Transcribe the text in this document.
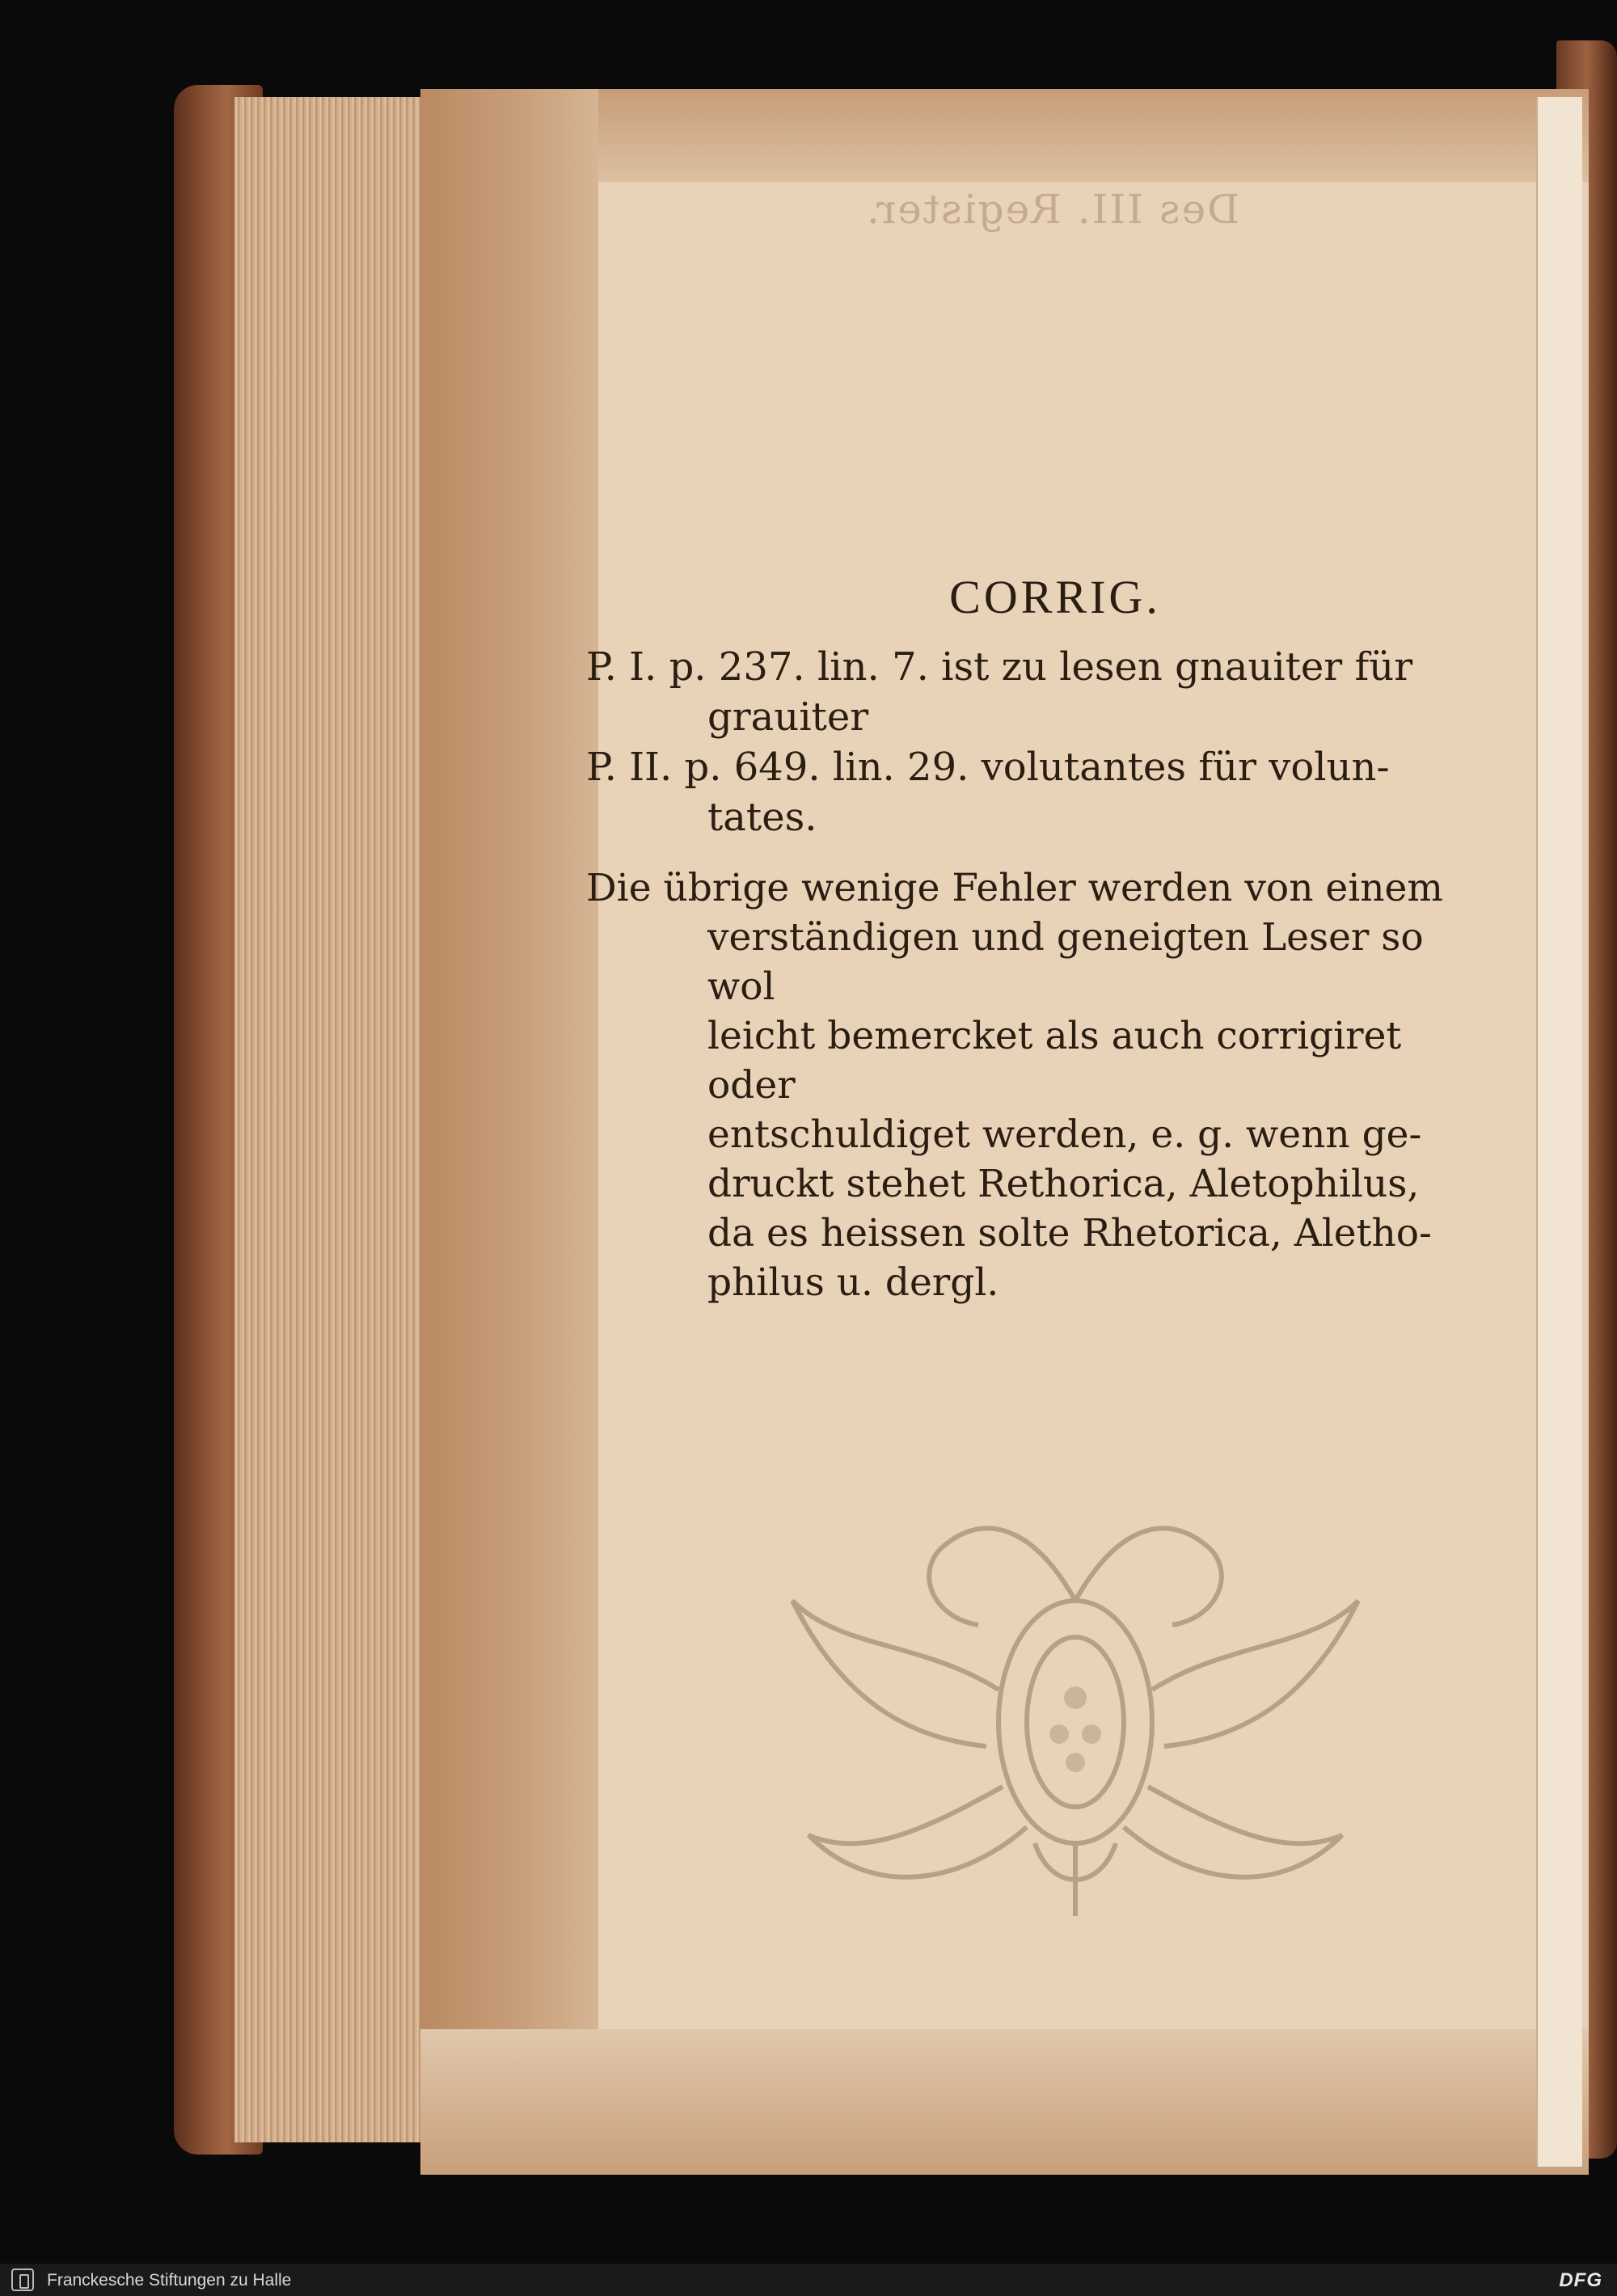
Des III. Register.
CORRIG.
P. I. p. 237. lin. 7. ist zu lesen gnauiter für
grauiter
P. II. p. 649. lin. 29. volutantes für volun-
tates.
Die übrige wenige Fehler werden von einem
verständigen und geneigten Leser so wol
leicht bemercket als auch corrigiret oder
entschuldiget werden, e. g. wenn ge-
druckt stehet Rethorica, Aletophilus,
da es heissen solte Rhetorica, Aletho-
philus u. dergl.
Franckesche Stiftungen zu Halle	DFG
